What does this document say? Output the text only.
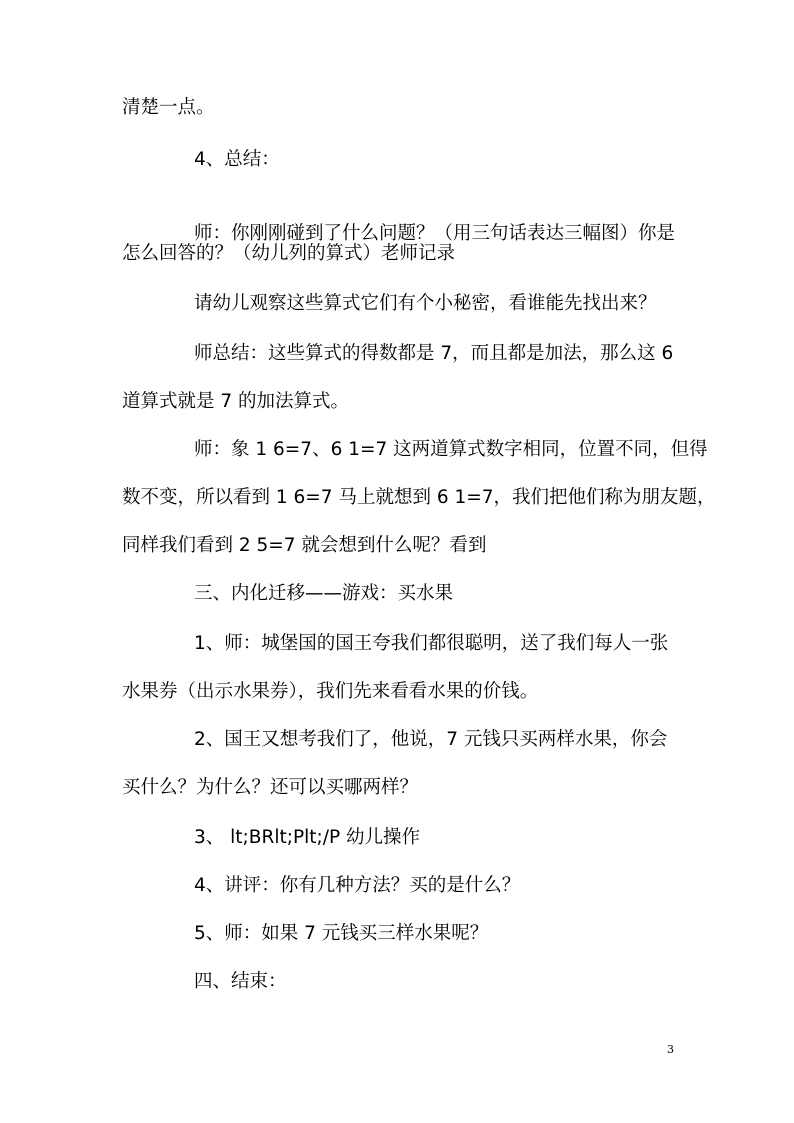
清楚一点。
4、总结：
师：你刚刚碰到了什么问题？（用三句话表达三幅图）你是
怎么回答的？（幼儿列的算式）老师记录
请幼儿观察这些算式它们有个小秘密，看谁能先找出来？
师总结：这些算式的得数都是 7，而且都是加法，那么这 6
道算式就是 7 的加法算式。
师：象 1 6=7、6 1=7 这两道算式数字相同，位置不同，但得
数不变，所以看到 1 6=7 马上就想到 6 1=7，我们把他们称为朋友题，
同样我们看到 2 5=7 就会想到什么呢？看到
三、内化迁移——游戏：买水果
1、师：城堡国的国王夸我们都很聪明，送了我们每人一张
水果券（出示水果券），我们先来看看水果的价钱。
2、国王又想考我们了，他说，7 元钱只买两样水果，你会
买什么？为什么？还可以买哪两样？
3、 lt;BRlt;Plt;/P 幼儿操作
4、讲评：你有几种方法？买的是什么？
5、师：如果 7 元钱买三样水果呢？
四、结束：
3
